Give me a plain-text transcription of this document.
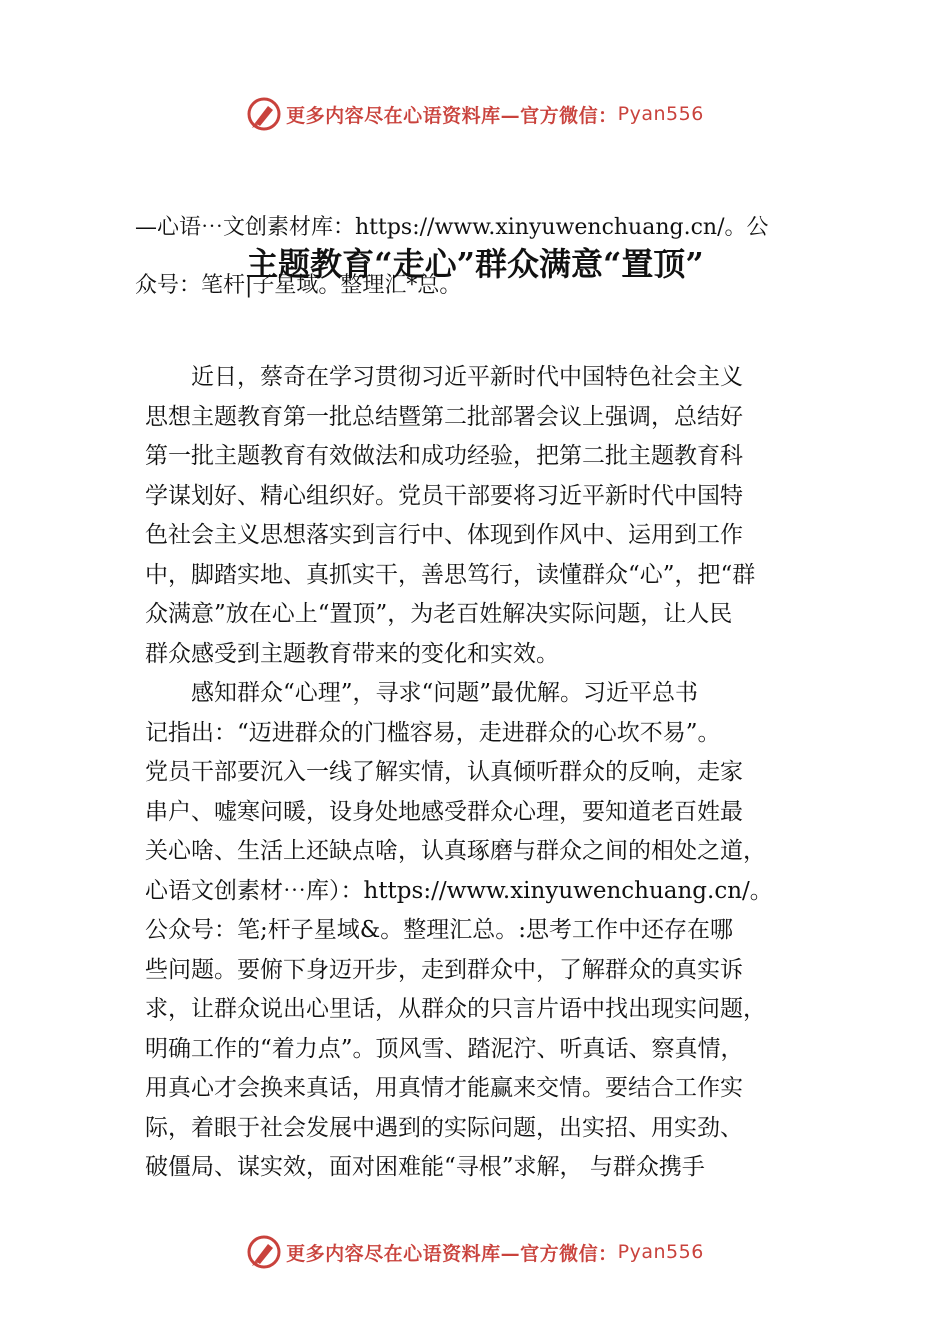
更多内容尽在心语资料库—官方微信： Pyan556

—心语⋯文创素材库：https://www.xinyuwenchuang.cn/。公

众号：笔杆|子星域。整理汇*总。

主题教育“走心”群众满意“置顶”

近日，蔡奇在学习贯彻习近平新时代中国特色社会主义
思想主题教育第一批总结暨第二批部署会议上强调，总结好
第一批主题教育有效做法和成功经验，把第二批主题教育科
学谋划好、精心组织好。党员干部要将习近平新时代中国特
色社会主义思想落实到言行中、体现到作风中、运用到工作
中，脚踏实地、真抓实干，善思笃行，读懂群众“心”，把“群
众满意”放在心上“置顶”，为老百姓解决实际问题，让人民
群众感受到主题教育带来的变化和实效。

感知群众“心理”，寻求“问题”最优解。习近平总书
记指出：“迈进群众的门槛容易，走进群众的心坎不易”。
党员干部要沉入一线了解实情，认真倾听群众的反响，走家
串户、嘘寒问暖，设身处地感受群众心理，要知道老百姓最
关心啥、生活上还缺点啥，认真琢磨与群众之间的相处之道，
心语文创素材⋯库）：https://www.xinyuwenchuang.cn/。
公众号：笔;杆子星域&。整理汇总。:思考工作中还存在哪
些问题。要俯下身迈开步，走到群众中，了解群众的真实诉
求，让群众说出心里话，从群众的只言片语中找出现实问题，
明确工作的“着力点”。顶风雪、踏泥泞、听真话、察真情，
用真心才会换来真话，用真情才能赢来交情。要结合工作实
际，着眼于社会发展中遇到的实际问题，出实招、用实劲、
破僵局、谋实效，面对困难能“寻根”求解， 与群众携手

更多内容尽在心语资料库—官方微信： Pyan556
